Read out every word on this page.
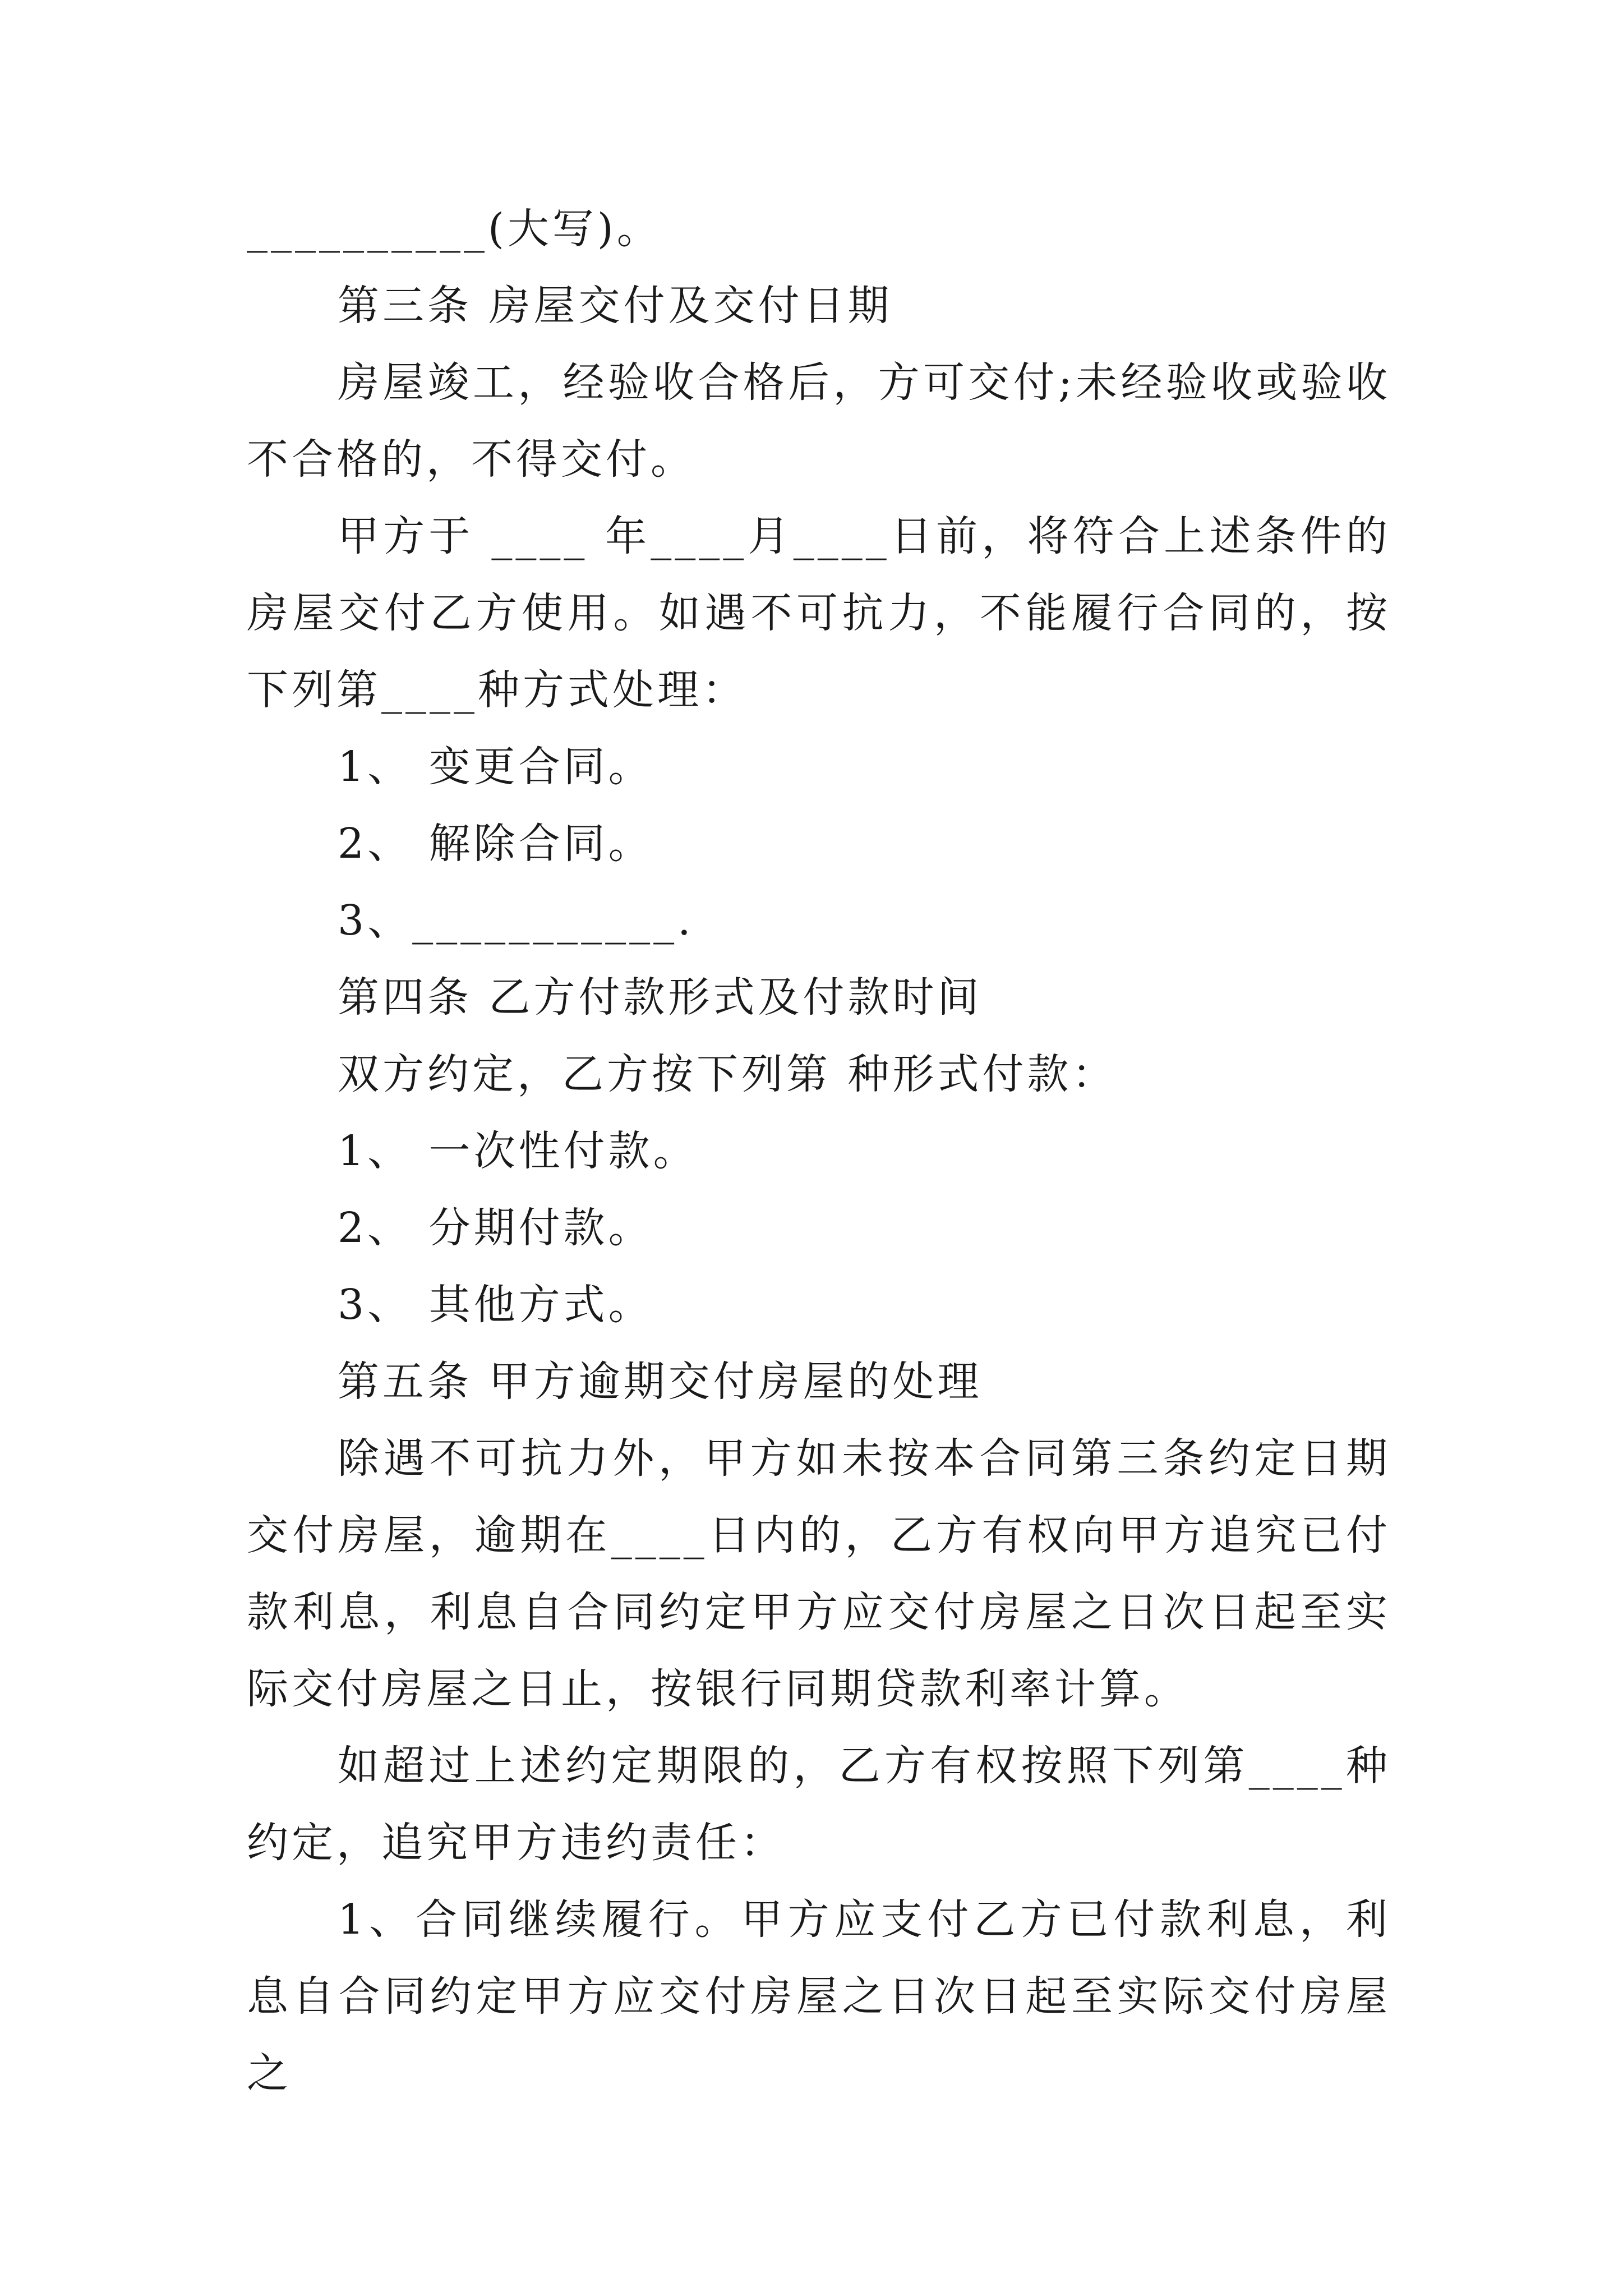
__________(大写)。

第三条 房屋交付及交付日期

房屋竣工，经验收合格后，方可交付;未经验收或验收不合格的，不得交付。

甲方于 ____ 年____月____日前，将符合上述条件的房屋交付乙方使用。如遇不可抗力，不能履行合同的，按下列第____种方式处理：

1、 变更合同。

2、 解除合同。

3、___________.

第四条 乙方付款形式及付款时间

双方约定，乙方按下列第 种形式付款：

1、 一次性付款。

2、 分期付款。

3、 其他方式。

第五条 甲方逾期交付房屋的处理

除遇不可抗力外，甲方如未按本合同第三条约定日期交付房屋，逾期在____日内的，乙方有权向甲方追究已付款利息，利息自合同约定甲方应交付房屋之日次日起至实际交付房屋之日止，按银行同期贷款利率计算。

如超过上述约定期限的，乙方有权按照下列第____种约定，追究甲方违约责任：

1、合同继续履行。甲方应支付乙方已付款利息，利息自合同约定甲方应交付房屋之日次日起至实际交付房屋之
